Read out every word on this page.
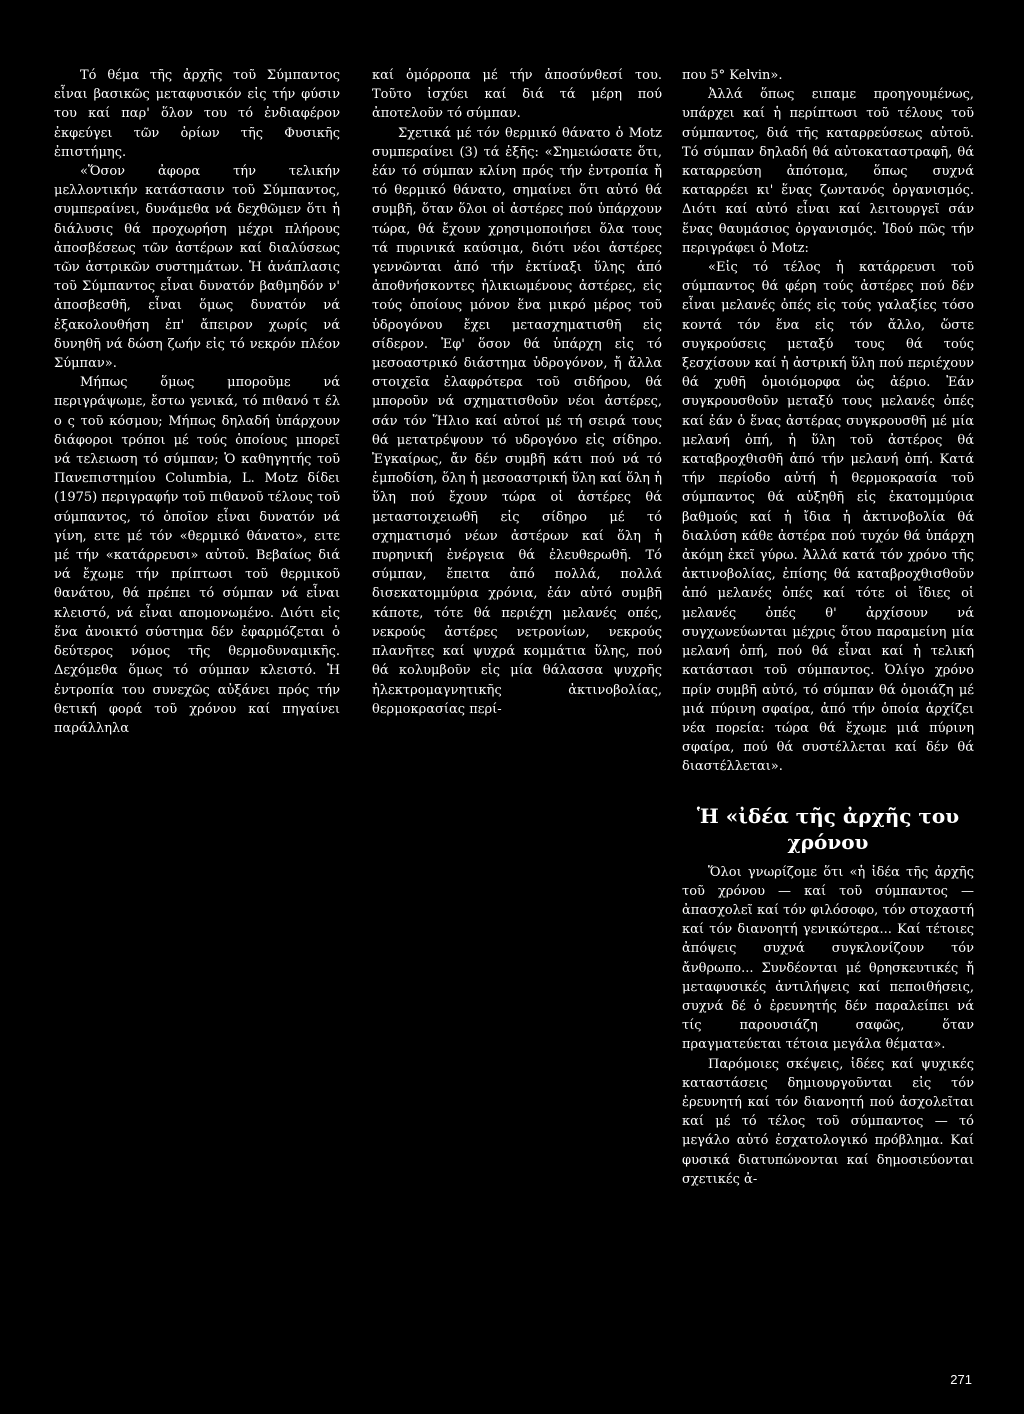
Τό θέμα τῆς ἀρχῆς τοῦ Σύμπαντος εἶναι βασικῶς μεταφυσικόν εἰς τήν φύσιν του καί παρ' ὅλον του τό ἐνδιαφέρον ἐκφεύγει τῶν ὁρίων τῆς Φυσικῆς ἐπιστήμης.

«Ὅσον ἀφορα τήν τελικήν μελλοντικήν κατάστασιν τοῦ Σύμπαντος, συμπεραίνει, δυνάμεθα νά δεχθῶμεν ὅτι ἡ διάλυσις θά προχωρήση μέχρι πλήρους ἀποσβέσεως τῶν ἀστέρων καί διαλύσεως τῶν ἀστρικῶν συστημάτων. Ἡ ἀνάπλασις τοῦ Σύμπαντος εἶναι δυνατόν βαθμηδόν ν' ἀποσβεσθῆ, εἶναι ὅμως δυνατόν νά ἐξακολουθήση ἐπ' ἄπειρον χωρίς νά δυνηθῆ νά δώση ζωήν εἰς τό νεκρόν πλέον Σύμπαν».

Μήπως ὅμως μποροῦμε νά περιγράψωμε, ἔστω γενικά, τό πιθανό τ έλ ο ς τοῦ κόσμου; Μήπως δηλαδή ὑπάρχουν διάφοροι τρόποι μέ τούς ὁποίους μπορεῖ νά τελειωση τό σύμπαν; Ὁ καθηγητής τοῦ Πανεπιστημίου Columbia, L. Motz δίδει (1975) περιγραφήν τοῦ πιθανοῦ τέλους τοῦ σύμπαντος, τό ὁποῖον εἶναι δυνατόν νά γίνη, ειτε μέ τόν «θερμικό θάνατο», ειτε μέ τήν «κατάρρευσι» αὐτοῦ. Βεβαίως διά νά ἔχωμε τήν πρίπτωσι τοῦ θερμικοῦ θανάτου, θά πρέπει τό σύμπαν νά εἶναι κλειστό, νά εἶναι απομονωμένο. Διότι εἰς ἕνα ἀνοικτό σύστημα δέν ἐφαρμόζεται ὁ δεύτερος νόμος τῆς θερμοδυναμικῆς. Δεχόμεθα ὅμως τό σύμπαν κλειστό. Ἡ ἐντροπία του συνεχῶς αὐξάνει πρός τήν θετική φορά τοῦ χρόνου καί πηγαίνει παράλληλα

καί ὁμόρροπα μέ τήν ἀποσύνθεσί του. Τοῦτο ἰσχύει καί διά τά μέρη πού ἀποτελοῦν τό σύμπαν.

Σχετικά μέ τόν θερμικό θάνατο ὁ Motz συμπεραίνει (3) τά ἑξῆς: «Σημειώσατε ὅτι, ἐάν τό σύμπαν κλίνη πρός τήν ἐντροπία ἤ τό θερμικό θάνατο, σημαίνει ὅτι αὐτό θά συμβῆ, ὅταν ὅλοι οἱ ἀστέρες πού ὑπάρχουν τώρα, θά ἔχουν χρησιμοποιήσει ὅλα τους τά πυρινικά καύσιμα, διότι νέοι ἀστέρες γεννῶνται ἀπό τήν ἐκτίναξι ὕλης ἀπό ἀποθνήσκοντες ἡλικιωμένους ἀστέρες, εἰς τούς ὁποίους μόνον ἕνα μικρό μέρος τοῦ ὑδρογόνου ἔχει μετασχηματισθῆ εἰς σίδερον. Ἐφ' ὅσον θά ὑπάρχη εἰς τό μεσοαστρικό διάστημα ὑδρογόνον, ἤ ἄλλα στοιχεῖα ἐλαφρότερα τοῦ σιδήρου, θά μποροῦν νά σχηματισθοῦν νέοι ἀστέρες, σάν τόν Ἥλιο καί αὐτοί μέ τή σειρά τους θά μετατρέψουν τό υδρογόνο εἰς σίδηρο. Ἐγκαίρως, ἄν δέν συμβῆ κάτι πού νά τό ἐμποδίση, ὅλη ἡ μεσοαστρική ὕλη καί ὅλη ἡ ὕλη πού ἔχουν τώρα οἱ ἀστέρες θά μεταστοιχειωθῆ εἰς σίδηρο μέ τό σχηματισμό νέων ἀστέρων καί ὅλη ἡ πυρηνική ἐνέργεια θά ἐλευθερωθῆ. Τό σύμπαν, ἔπειτα ἀπό πολλά, πολλά δισεκατομμύρια χρόνια, ἐάν αὐτό συμβῆ κάποτε, τότε θά περιέχη μελανές οπές, νεκρούς ἀστέρες νετρονίων, νεκρούς πλανῆτες καί ψυχρά κομμάτια ὕλης, πού θά κολυμβοῦν εἰς μία θάλασσα ψυχρῆς ἠλεκτρομαγνητικῆς ἀκτινοβολίας, θερμοκρασίας περί-

που 5° Kelvin».

Ἀλλά ὅπως ειπαμε προηγουμένως, υπάρχει καί ἡ περίπτωσι τοῦ τέλους τοῦ σύμπαντος, διά τῆς καταρρεύσεως αὐτοῦ. Τό σύμπαν δηλαδή θά αὐτοκαταστραφῆ, θά καταρρεύση ἀπότομα, ὅπως συχνά καταρρέει κι' ἕνας ζωντανός ὀργανισμός. Διότι καί αὐτό εἶναι καί λειτουργεῖ σάν ἕνας θαυμάσιος ὀργανισμός. Ἰδού πῶς τήν περιγράφει ὁ Motz:

«Εἰς τό τέλος ἡ κατάρρευσι τοῦ σύμπαντος θά φέρη τούς ἀστέρες πού δέν εἶναι μελανές ὀπές εἰς τούς γαλαξίες τόσο κοντά τόν ἕνα εἰς τόν ἄλλο, ὥστε συγκρούσεις μεταξύ τους θά τούς ξεσχίσουν καί ἡ ἀστρική ὕλη πού περιέχουν θά χυθῆ ὁμοιόμορφα ὡς ἀέριο. Ἐάν συγκρουσθοῦν μεταξύ τους μελανές ὀπές καί ἐάν ὁ ἕνας ἀστέρας συγκρουσθῆ μέ μία μελανή ὀπή, ἡ ὕλη τοῦ ἀστέρος θά καταβροχθισθῆ ἀπό τήν μελανή ὀπή. Κατά τήν περίοδο αὐτή ἡ θερμοκρασία τοῦ σύμπαντος θά αὐξηθῆ εἰς ἑκατομμύρια βαθμούς καί ἡ ἴδια ἡ ἀκτινοβολία θά διαλύση κάθε ἀστέρα πού τυχόν θά ὑπάρχη ἀκόμη ἐκεῖ γύρω. Ἀλλά κατά τόν χρόνο τῆς ἀκτινοβολίας, ἐπίσης θά καταβροχθισθοῦν ἀπό μελανές ὀπές καί τότε οἱ ἴδιες οἱ μελανές ὀπές θ' ἀρχίσουν νά συγχωνεύωνται μέχρις ὅτου παραμείνη μία μελανή ὀπή, πού θά εἶναι καί ἡ τελική κατάστασι τοῦ σύμπαντος. Ὀλίγο χρόνο πρίν συμβῆ αὐτό, τό σύμπαν θά ὁμοιάζη μέ μιά πύρινη σφαίρα, ἀπό τήν ὁποία ἀρχίζει νέα πορεία: τώρα θά ἔχωμε μιά πύρινη σφαίρα, πού θά συστέλλεται καί δέν θά διαστέλλεται».

Ἡ «ἰδέα τῆς ἀρχῆς του χρόνου

Ὅλοι γνωρίζομε ὅτι «ἡ ἰδέα τῆς ἀρχῆς τοῦ χρόνου — καί τοῦ σύμπαντος — ἀπασχολεῖ καί τόν φιλόσοφο, τόν στοχαστή καί τόν διανοητή γενικώτερα... Καί τέτοιες ἀπόψεις συχνά συγκλονίζουν τόν ἄνθρωπο... Συνδέονται μέ θρησκευτικές ἤ μεταφυσικές ἀντιλήψεις καί πεποιθήσεις, συχνά δέ ὁ ἐρευνητής δέν παραλείπει νά τίς παρουσιάζη σαφῶς, ὅταν πραγματεύεται τέτοια μεγάλα θέματα».

Παρόμοιες σκέψεις, ἰδέες καί ψυχικές καταστάσεις δημιουργοῦνται εἰς τόν ἐρευνητή καί τόν διανοητή πού ἀσχολεῖται καί μέ τό τέλος τοῦ σύμπαντος — τό μεγάλο αὐτό ἐσχατολογικό πρόβλημα. Καί φυσικά διατυπώνονται καί δημοσιεύονται σχετικές ἀ-

271
